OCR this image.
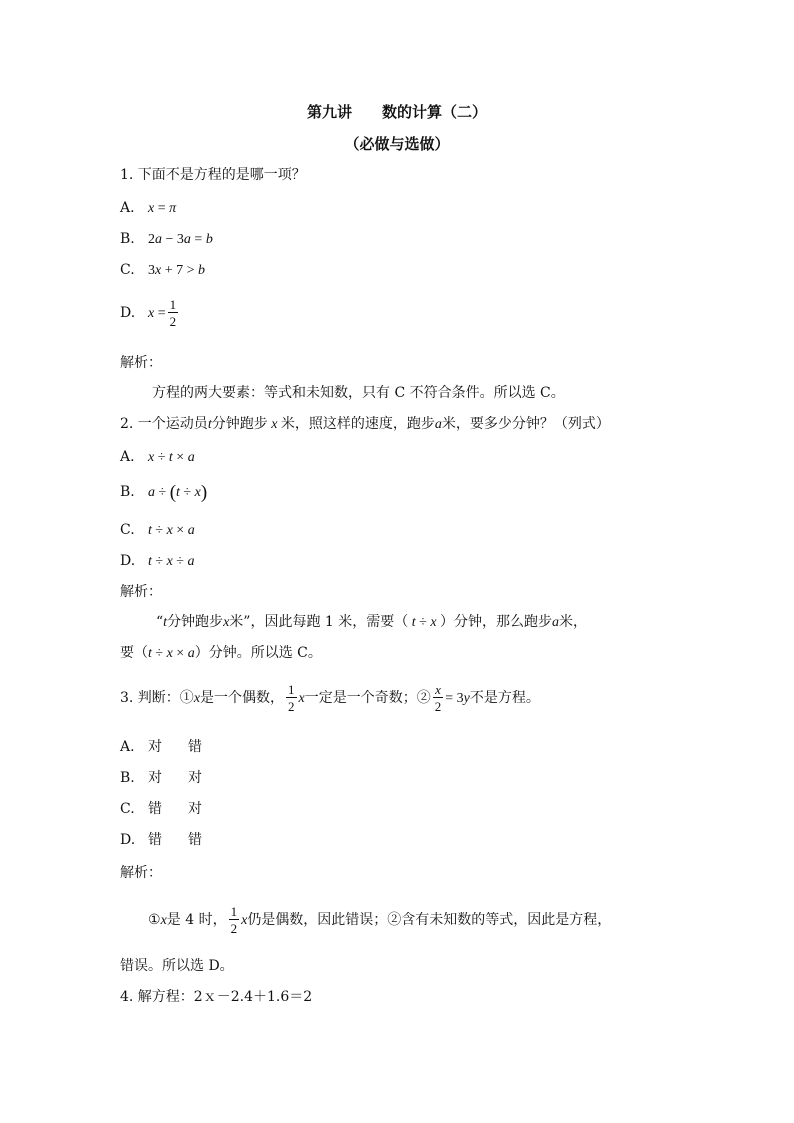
第九讲 数的计算（二）
（必做与选做）
1. 下面不是方程的是哪一项？
A. x = π
B. 2a − 3a = b
C. 3x + 7 > b
D. $x = \frac{1}{2}$
解析：
方程的两大要素：等式和未知数，只有 C 不符合条件。所以选 C。
2. 一个运动员t分钟跑步 x 米，照这样的速度，跑步a米，要多少分钟？（列式）
A. x ÷ t × a
B. a ÷ (t ÷ x)
C. t ÷ x × a
D. t ÷ x ÷ a
解析：
“t分钟跑步x米”，因此每跑 1 米，需要（ t ÷ x ）分钟，那么跑步a米，
要（t ÷ x × a）分钟。所以选 C。
3. 判断：①x是一个偶数， $\frac{1}{2}$ x一定是一个奇数；② $\frac{x}{2} = 3y$不是方程。
A. 对 错
B. 对 对
C. 错 对
D. 错 错
解析：
①x是 4 时， $\frac{1}{2}$ x仍是偶数，因此错误；②含有未知数的等式，因此是方程，
错误。所以选 D。
4. 解方程：2ｘ－2.4＋1.6＝2
